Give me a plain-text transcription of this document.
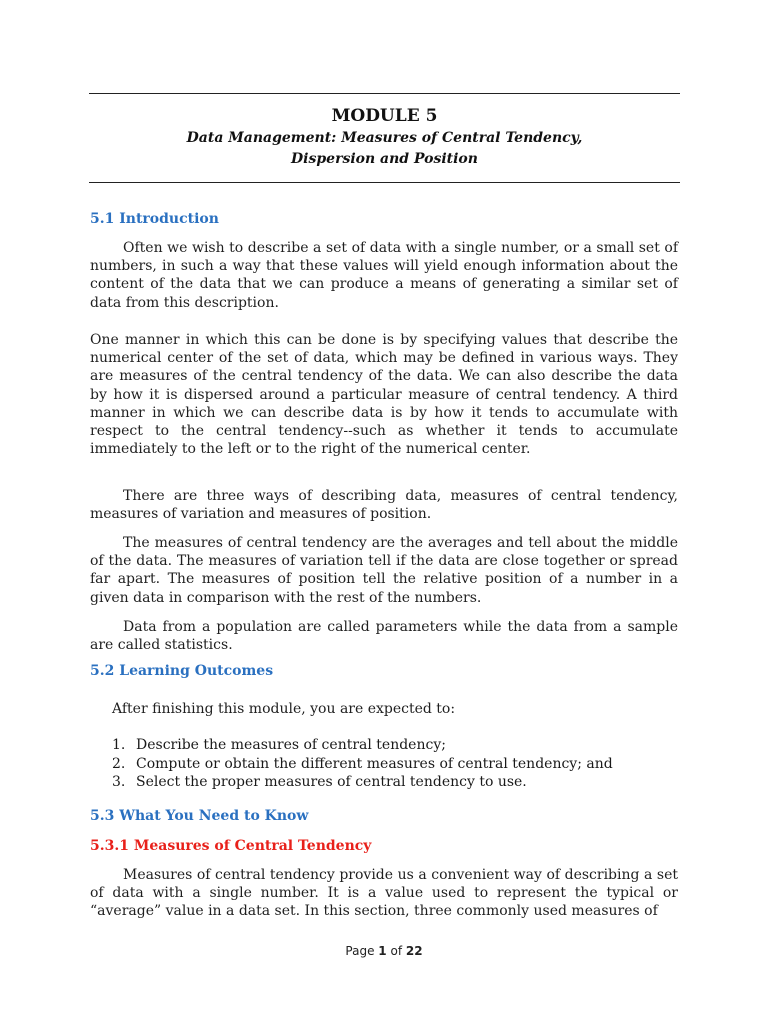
MODULE 5
Data Management: Measures of Central Tendency,
Dispersion and Position
5.1 Introduction

Often we wish to describe a set of data with a single number, or a small set of numbers, in such a way that these values will yield enough information about the content of the data that we can produce a means of generating a similar set of data from this description.

One manner in which this can be done is by specifying values that describe the numerical center of the set of data, which may be defined in various ways. They are measures of the central tendency of the data. We can also describe the data by how it is dispersed around a particular measure of central tendency. A third manner in which we can describe data is by how it tends to accumulate with respect to the central tendency--such as whether it tends to accumulate immediately to the left or to the right of the numerical center.

There are three ways of describing data, measures of central tendency, measures of variation and measures of position.

The measures of central tendency are the averages and tell about the middle of the data. The measures of variation tell if the data are close together or spread far apart. The measures of position tell the relative position of a number in a given data in comparison with the rest of the numbers.

Data from a population are called parameters while the data from a sample are called statistics.

5.2 Learning Outcomes

After finishing this module, you are expected to:

1. Describe the measures of central tendency;
2. Compute or obtain the different measures of central tendency; and
3. Select the proper measures of central tendency to use.
5.3 What You Need to Know
5.3.1 Measures of Central Tendency

Measures of central tendency provide us a convenient way of describing a set of data with a single number. It is a value used to represent the typical or “average” value in a data set. In this section, three commonly used measures of

Page 1 of 22
